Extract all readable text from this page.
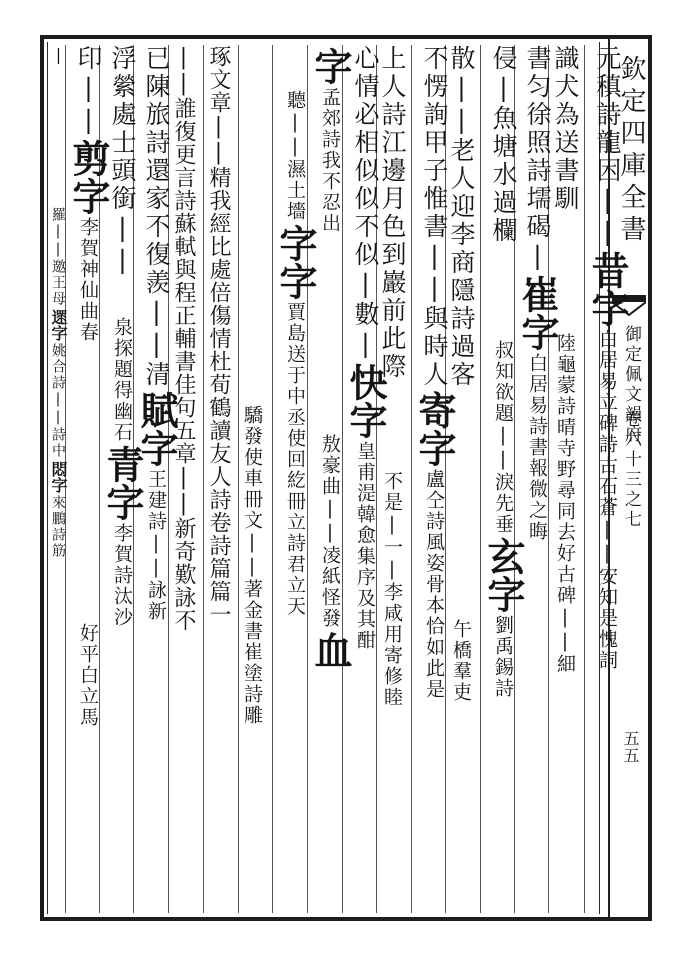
欽定四庫全書
御定佩文韻府
卷六十三之七
五五
元稹詩龍困||昔字白居易立碑詩古石蒼||安知是愧詞
識犬為送書馴陸龜蒙詩晴寺野尋同去好古碑||細
書匀徐照詩壖碣|崔字白居易詩書報微之晦
侵|魚塘水過欄叔知欲題||淚先垂玄字劉禹錫詩
散||老人迎李商隱詩過客午橋羣吏
不愣詢甲子惟書||與時人寄字盧仝詩風姿骨本恰如此是
上人詩江邊月色到巖前此際不是|一|李咸用寄修睦
心情必相似似不似|數|快字皇甫湜韓愈集序及其酣
字孟郊詩我不忍出敖豪曲||凌紙怪發血
聽||濕土墻字字賈島送于中丞使回紇冊立詩君立天
驕發使車冊文||著金書崔塗詩雕
琢文章||精我經比處倍傷情杜荀鶴讀友人詩卷詩篇篇一
||誰復更言詩蘇軾與程正輔書佳句五章||新奇歎詠不
已陳旅詩還家不復羨||清賦字王建詩||詠新
浮縈處士頭銜||泉探題得幽石青字李賀詩汰沙
印||剪字李賀神仙曲春好平白立馬
|羅||邀王母遝字姚合詩||詩中悶字來鵬詩筋
